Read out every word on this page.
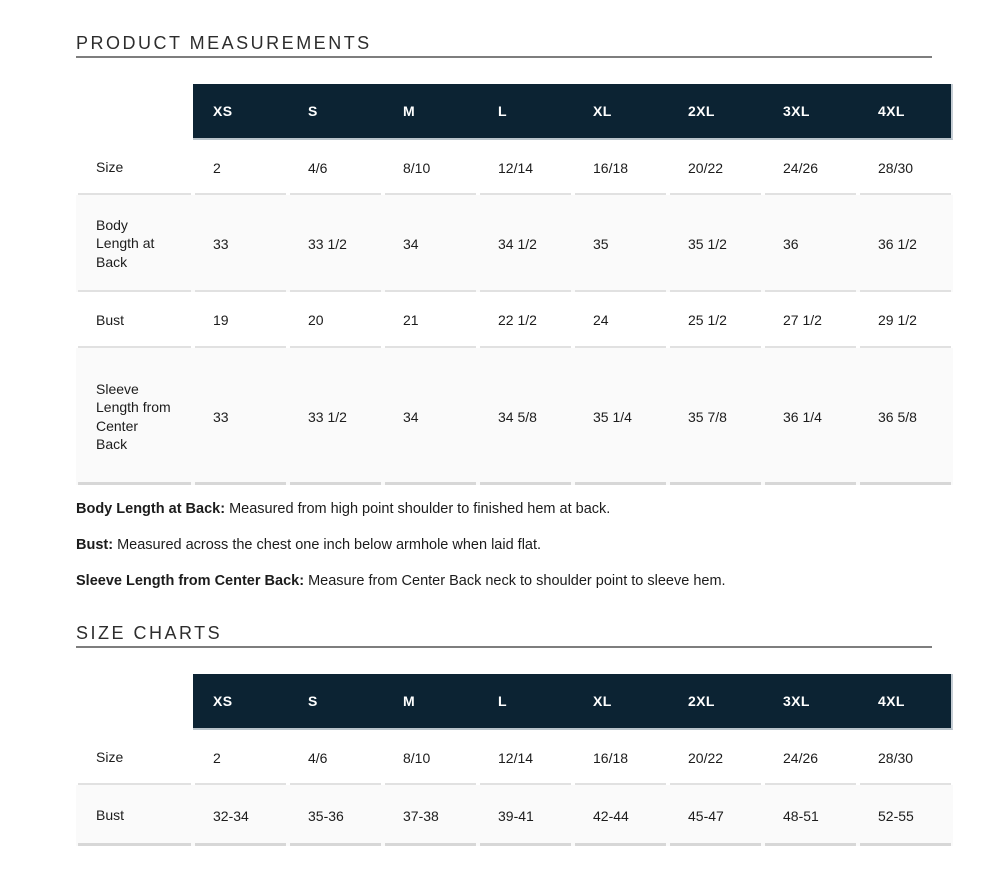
PRODUCT MEASUREMENTS
	XS	S	M	L	XL	2XL	3XL	4XL
Size	2	4/6	8/10	12/14	16/18	20/22	24/26	28/30
Body Length at Back	33	33 1/2	34	34 1/2	35	35 1/2	36	36 1/2
Bust	19	20	21	22 1/2	24	25 1/2	27 1/2	29 1/2
Sleeve Length from Center Back	33	33 1/2	34	34 5/8	35 1/4	35 7/8	36 1/4	36 5/8

Body Length at Back: Measured from high point shoulder to finished hem at back.

Bust: Measured across the chest one inch below armhole when laid flat.

Sleeve Length from Center Back: Measure from Center Back neck to shoulder point to sleeve hem.

SIZE CHARTS
	XS	S	M	L	XL	2XL	3XL	4XL
Size	2	4/6	8/10	12/14	16/18	20/22	24/26	28/30
Bust	32-34	35-36	37-38	39-41	42-44	45-47	48-51	52-55
